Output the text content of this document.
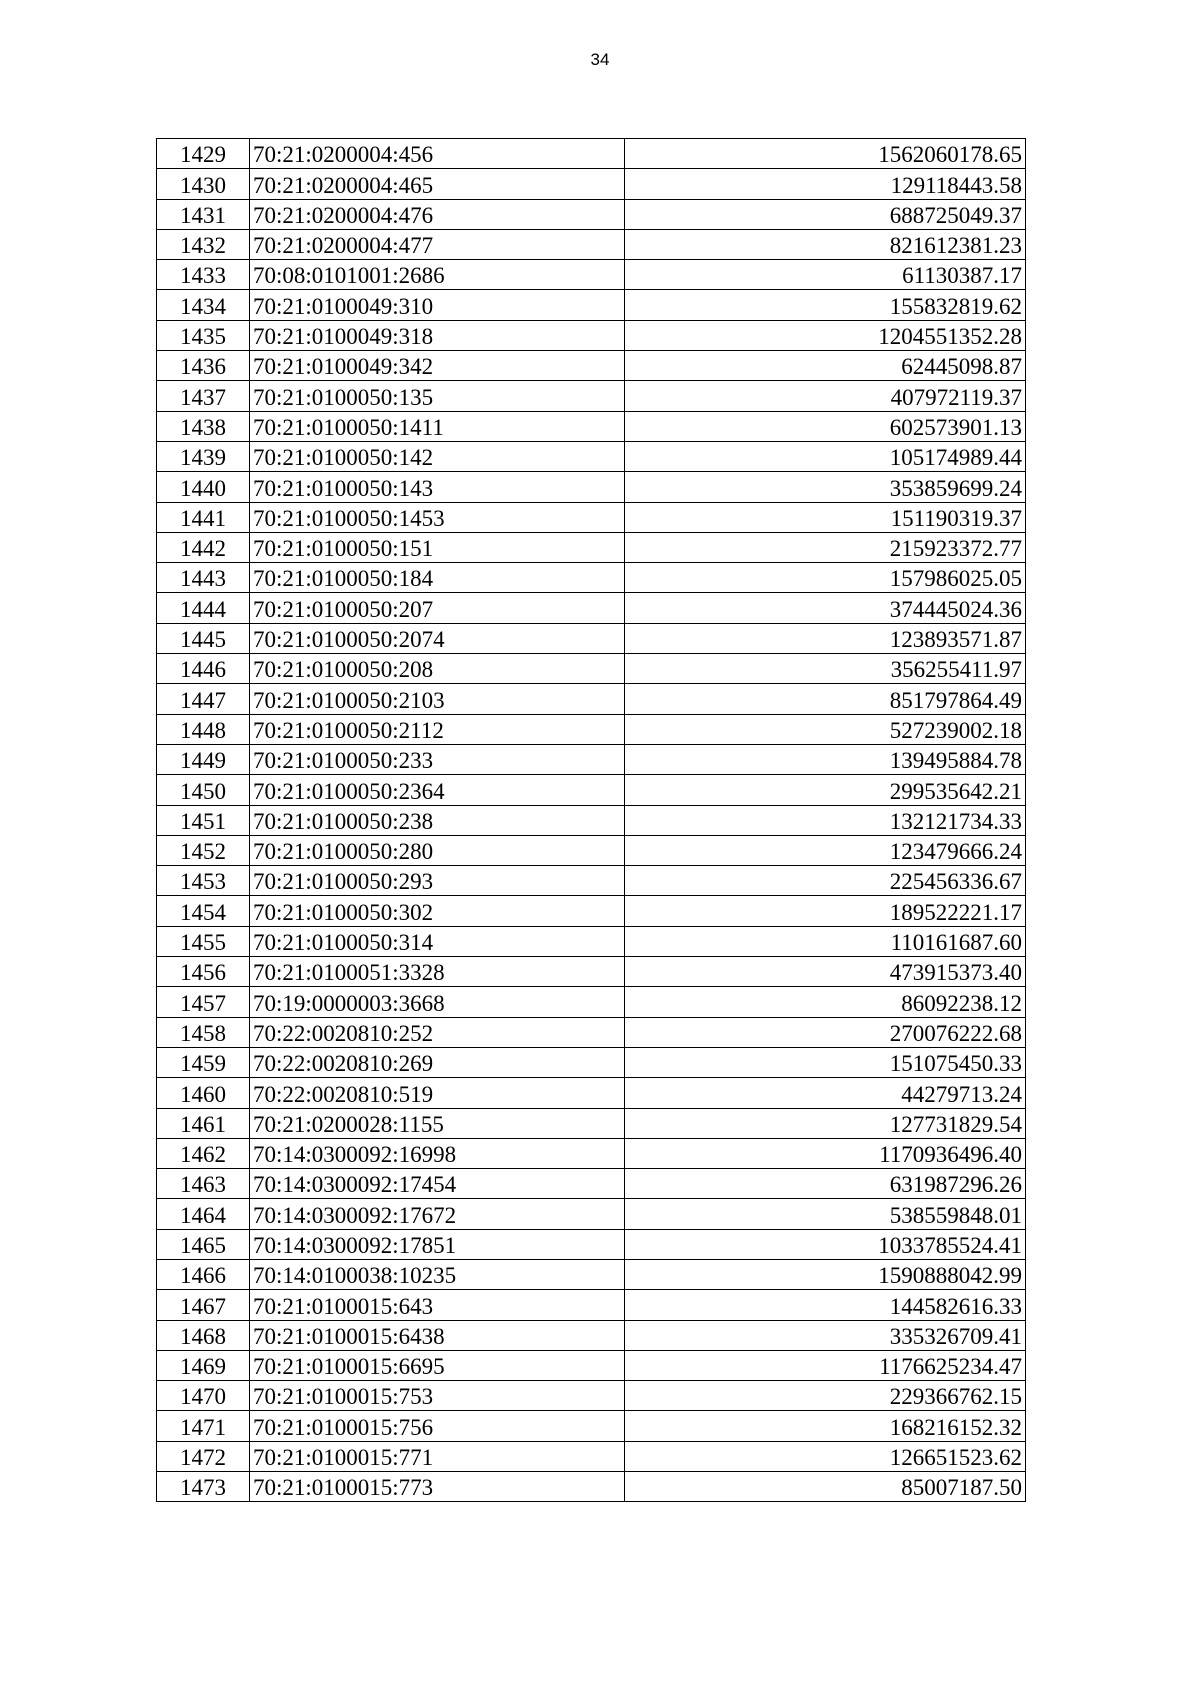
34
1429	70:21:0200004:456	1562060178.65
1430	70:21:0200004:465	129118443.58
1431	70:21:0200004:476	688725049.37
1432	70:21:0200004:477	821612381.23
1433	70:08:0101001:2686	61130387.17
1434	70:21:0100049:310	155832819.62
1435	70:21:0100049:318	1204551352.28
1436	70:21:0100049:342	62445098.87
1437	70:21:0100050:135	407972119.37
1438	70:21:0100050:1411	602573901.13
1439	70:21:0100050:142	105174989.44
1440	70:21:0100050:143	353859699.24
1441	70:21:0100050:1453	151190319.37
1442	70:21:0100050:151	215923372.77
1443	70:21:0100050:184	157986025.05
1444	70:21:0100050:207	374445024.36
1445	70:21:0100050:2074	123893571.87
1446	70:21:0100050:208	356255411.97
1447	70:21:0100050:2103	851797864.49
1448	70:21:0100050:2112	527239002.18
1449	70:21:0100050:233	139495884.78
1450	70:21:0100050:2364	299535642.21
1451	70:21:0100050:238	132121734.33
1452	70:21:0100050:280	123479666.24
1453	70:21:0100050:293	225456336.67
1454	70:21:0100050:302	189522221.17
1455	70:21:0100050:314	110161687.60
1456	70:21:0100051:3328	473915373.40
1457	70:19:0000003:3668	86092238.12
1458	70:22:0020810:252	270076222.68
1459	70:22:0020810:269	151075450.33
1460	70:22:0020810:519	44279713.24
1461	70:21:0200028:1155	127731829.54
1462	70:14:0300092:16998	1170936496.40
1463	70:14:0300092:17454	631987296.26
1464	70:14:0300092:17672	538559848.01
1465	70:14:0300092:17851	1033785524.41
1466	70:14:0100038:10235	1590888042.99
1467	70:21:0100015:643	144582616.33
1468	70:21:0100015:6438	335326709.41
1469	70:21:0100015:6695	1176625234.47
1470	70:21:0100015:753	229366762.15
1471	70:21:0100015:756	168216152.32
1472	70:21:0100015:771	126651523.62
1473	70:21:0100015:773	85007187.50
